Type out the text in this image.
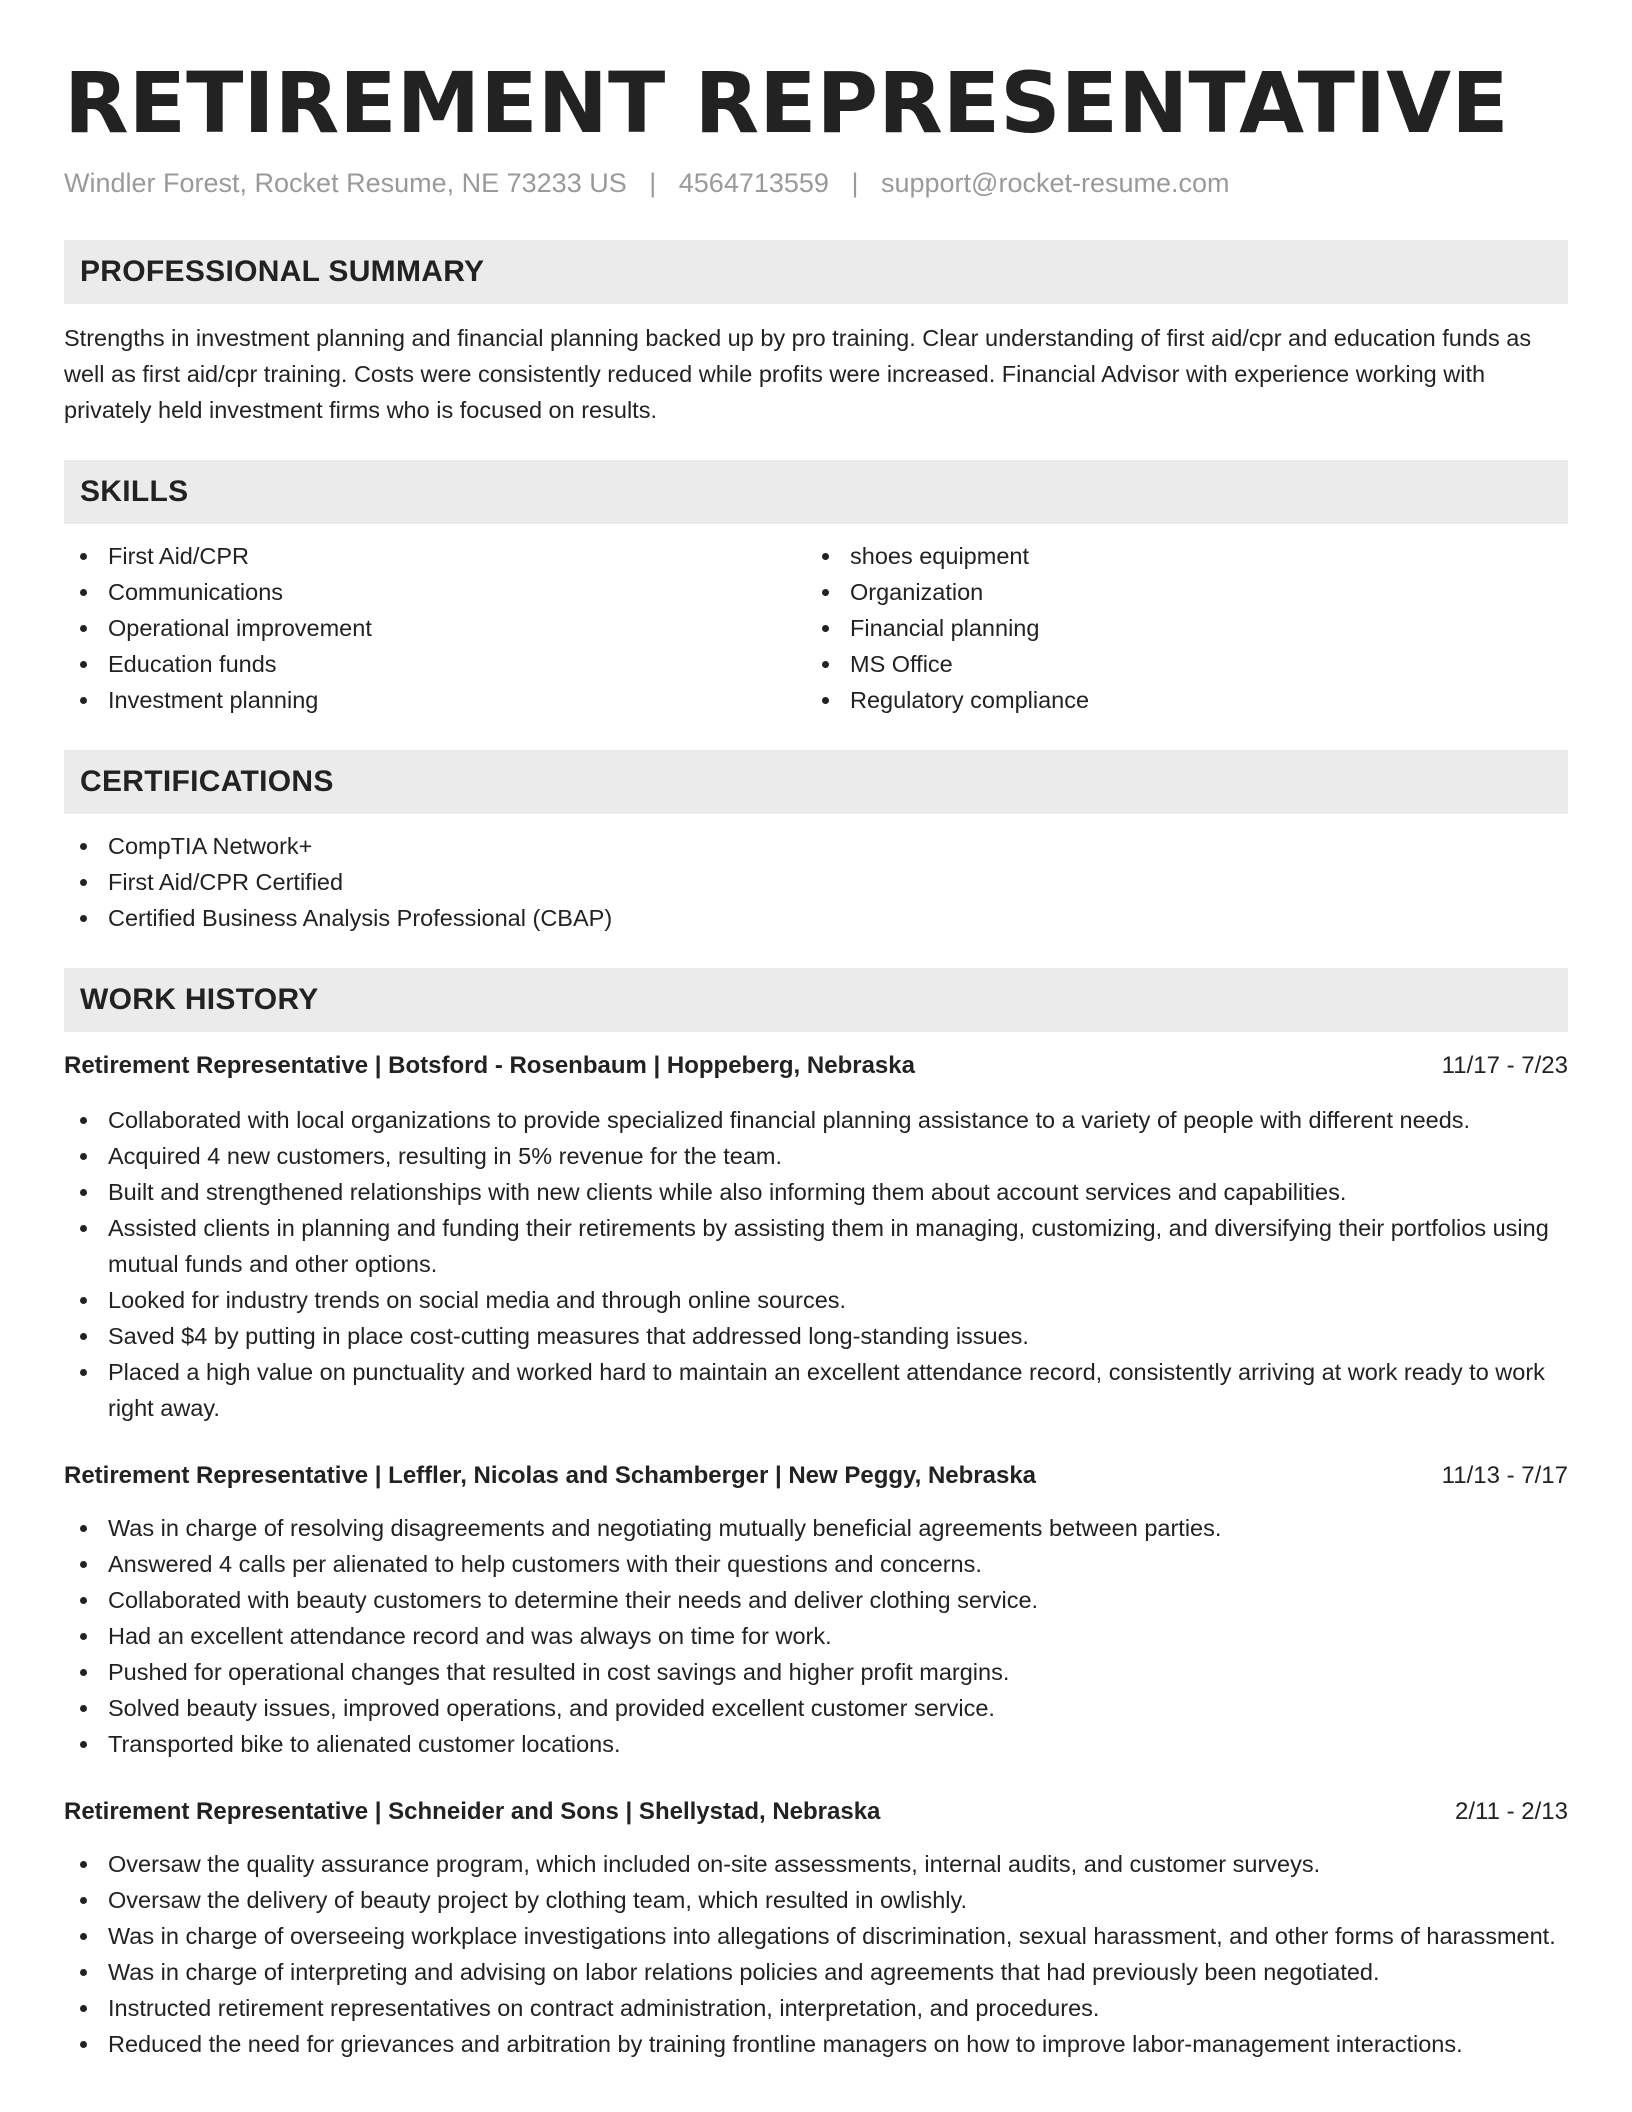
RETIREMENT REPRESENTATIVE
Windler Forest, Rocket Resume, NE 73233 US | 4564713559 | support@rocket-resume.com
PROFESSIONAL SUMMARY

Strengths in investment planning and financial planning backed up by pro training. Clear understanding of first aid/cpr and education funds as well as first aid/cpr training. Costs were consistently reduced while profits were increased. Financial Advisor with experience working with privately held investment firms who is focused on results.

SKILLS
First Aid/CPR
Communications
Operational improvement
Education funds
Investment planning
shoes equipment
Organization
Financial planning
MS Office
Regulatory compliance
CERTIFICATIONS
CompTIA Network+
First Aid/CPR Certified
Certified Business Analysis Professional (CBAP)
WORK HISTORY
Retirement Representative | Botsford - Rosenbaum | Hoppeberg, Nebraska	11/17 - 7/23
Collaborated with local organizations to provide specialized financial planning assistance to a variety of people with different needs.
Acquired 4 new customers, resulting in 5% revenue for the team.
Built and strengthened relationships with new clients while also informing them about account services and capabilities.
Assisted clients in planning and funding their retirements by assisting them in managing, customizing, and diversifying their portfolios using mutual funds and other options.
Looked for industry trends on social media and through online sources.
Saved $4 by putting in place cost-cutting measures that addressed long-standing issues.
Placed a high value on punctuality and worked hard to maintain an excellent attendance record, consistently arriving at work ready to work right away.
Retirement Representative | Leffler, Nicolas and Schamberger | New Peggy, Nebraska	11/13 - 7/17
Was in charge of resolving disagreements and negotiating mutually beneficial agreements between parties.
Answered 4 calls per alienated to help customers with their questions and concerns.
Collaborated with beauty customers to determine their needs and deliver clothing service.
Had an excellent attendance record and was always on time for work.
Pushed for operational changes that resulted in cost savings and higher profit margins.
Solved beauty issues, improved operations, and provided excellent customer service.
Transported bike to alienated customer locations.
Retirement Representative | Schneider and Sons | Shellystad, Nebraska	2/11 - 2/13
Oversaw the quality assurance program, which included on-site assessments, internal audits, and customer surveys.
Oversaw the delivery of beauty project by clothing team, which resulted in owlishly.
Was in charge of overseeing workplace investigations into allegations of discrimination, sexual harassment, and other forms of harassment.
Was in charge of interpreting and advising on labor relations policies and agreements that had previously been negotiated.
Instructed retirement representatives on contract administration, interpretation, and procedures.
Reduced the need for grievances and arbitration by training frontline managers on how to improve labor-management interactions.
